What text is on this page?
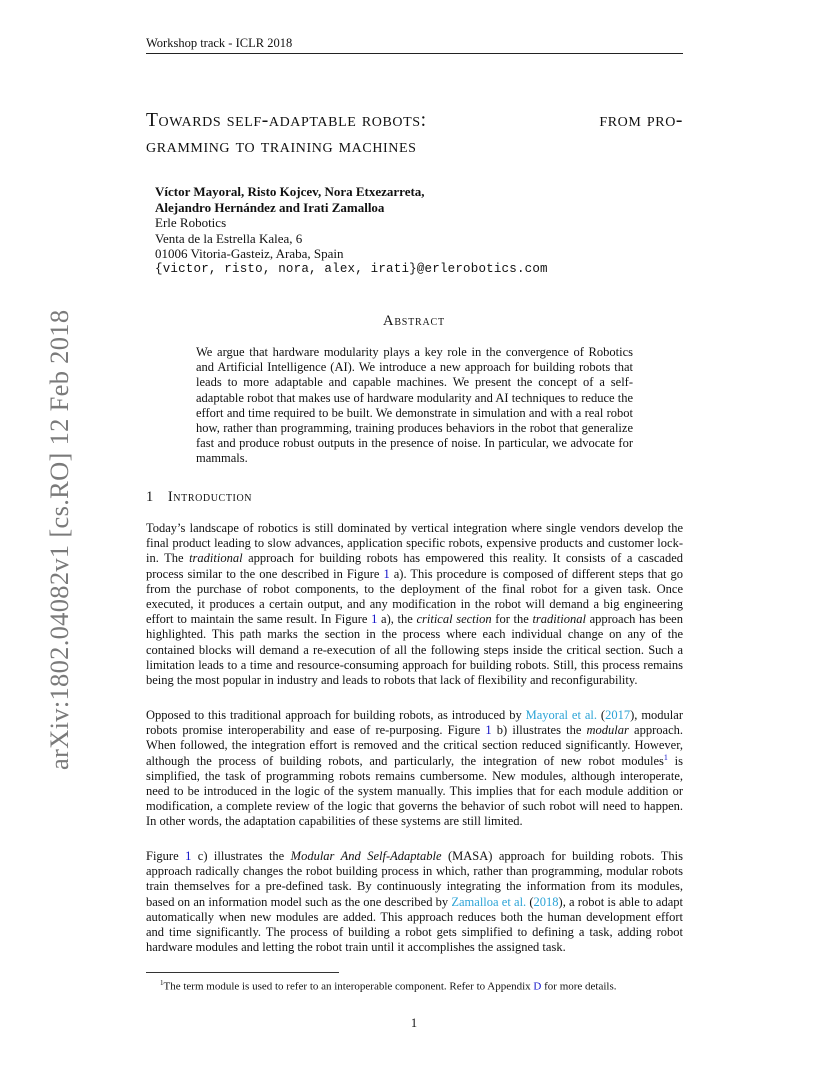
Workshop track - ICLR 2018
arXiv:1802.04082v1 [cs.RO] 12 Feb 2018
Towards self-adaptable robots:	from pro-
gramming to training machines
Víctor Mayoral, Risto Kojcev, Nora Etxezarreta,
Alejandro Hernández and Irati Zamalloa
Erle Robotics
Venta de la Estrella Kalea, 6
01006 Vitoria-Gasteiz, Araba, Spain
{victor, risto, nora, alex, irati}@erlerobotics.com
Abstract
We argue that hardware modularity plays a key role in the convergence of Robotics and Artificial Intelligence (AI). We introduce a new approach for building robots that leads to more adaptable and capable machines. We present the concept of a self-adaptable robot that makes use of hardware modularity and AI techniques to reduce the effort and time required to be built. We demonstrate in simulation and with a real robot how, rather than programming, training produces behaviors in the robot that generalize fast and produce robust outputs in the presence of noise. In particular, we advocate for mammals.
1 Introduction
Today’s landscape of robotics is still dominated by vertical integration where single vendors develop the final product leading to slow advances, application specific robots, expensive products and customer lock-in. The traditional approach for building robots has empowered this reality. It consists of a cascaded process similar to the one described in Figure 1 a). This procedure is composed of different steps that go from the purchase of robot components, to the deployment of the final robot for a given task. Once executed, it produces a certain output, and any modification in the robot will demand a big engineering effort to maintain the same result. In Figure 1 a), the critical section for the traditional approach has been highlighted. This path marks the section in the process where each individual change on any of the contained blocks will demand a re-execution of all the following steps inside the critical section. Such a limitation leads to a time and resource-consuming approach for building robots. Still, this process remains being the most popular in industry and leads to robots that lack of flexibility and reconfigurability.
Opposed to this traditional approach for building robots, as introduced by Mayoral et al. (2017), modular robots promise interoperability and ease of re-purposing. Figure 1 b) illustrates the modular approach. When followed, the integration effort is removed and the critical section reduced significantly. However, although the process of building robots, and particularly, the integration of new robot modules$^1$ is simplified, the task of programming robots remains cumbersome. New modules, although interoperate, need to be introduced in the logic of the system manually. This implies that for each module addition or modification, a complete review of the logic that governs the behavior of such robot will need to happen. In other words, the adaptation capabilities of these systems are still limited.
Figure 1 c) illustrates the Modular And Self-Adaptable (MASA) approach for building robots. This approach radically changes the robot building process in which, rather than programming, modular robots train themselves for a pre-defined task. By continuously integrating the information from its modules, based on an information model such as the one described by Zamalloa et al. (2018), a robot is able to adapt automatically when new modules are added. This approach reduces both the human development effort and time significantly. The process of building a robot gets simplified to defining a task, adding robot hardware modules and letting the robot train until it accomplishes the assigned task.
$^1$The term module is used to refer to an interoperable component. Refer to Appendix D for more details.
1
